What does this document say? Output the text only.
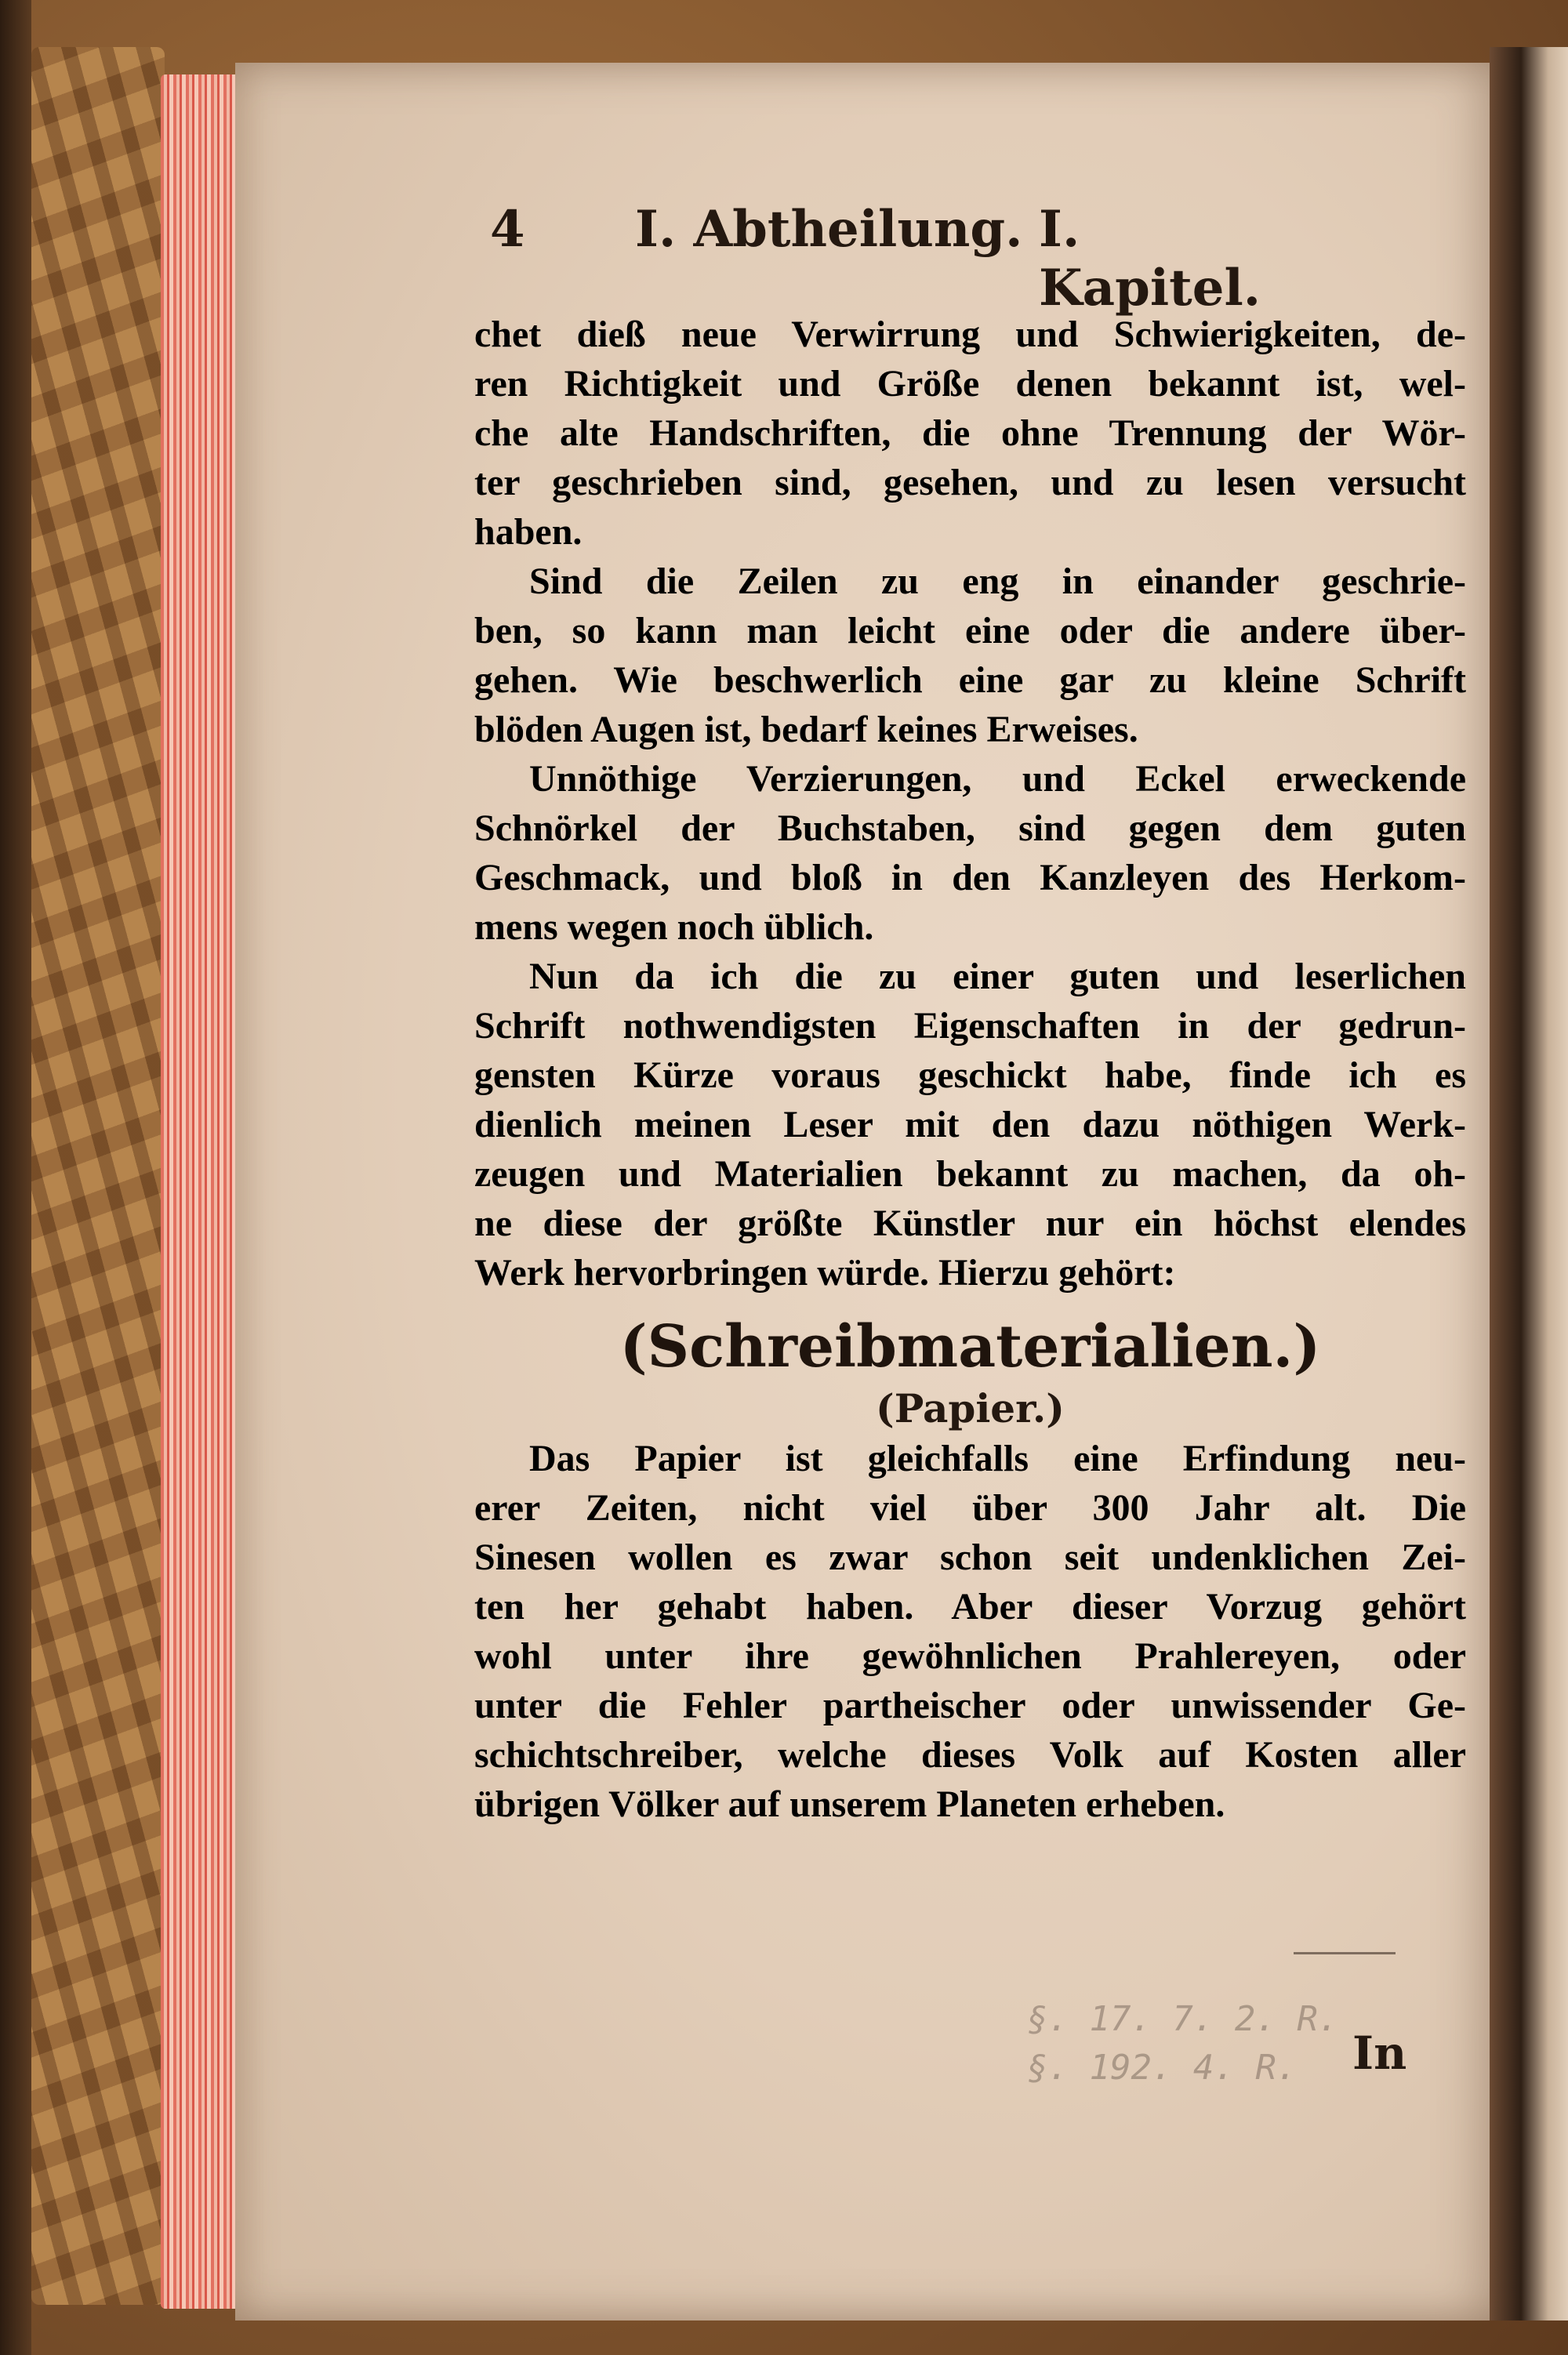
4 I. Abtheilung. I. Kapitel.

chet dieß neue Verwirrung und Schwierigkeiten, de-

ren Richtigkeit und Größe denen bekannt ist, wel-

che alte Handschriften, die ohne Trennung der Wör-

ter geschrieben sind, gesehen, und zu lesen versucht

haben.

Sind die Zeilen zu eng in einander geschrie-

ben, so kann man leicht eine oder die andere über-

gehen. Wie beschwerlich eine gar zu kleine Schrift

blöden Augen ist, bedarf keines Erweises.

Unnöthige Verzierungen, und Eckel erweckende

Schnörkel der Buchstaben, sind gegen dem guten

Geschmack, und bloß in den Kanzleyen des Herkom-

mens wegen noch üblich.

Nun da ich die zu einer guten und leserlichen

Schrift nothwendigsten Eigenschaften in der gedrun-

gensten Kürze voraus geschickt habe, finde ich es

dienlich meinen Leser mit den dazu nöthigen Werk-

zeugen und Materialien bekannt zu machen, da oh-

ne diese der größte Künstler nur ein höchst elendes

Werk hervorbringen würde. Hierzu gehört:

(Schreibmaterialien.)
(Papier.)

Das Papier ist gleichfalls eine Erfindung neu-

erer Zeiten, nicht viel über 300 Jahr alt. Die

Sinesen wollen es zwar schon seit undenklichen Zei-

ten her gehabt haben. Aber dieser Vorzug gehört

wohl unter ihre gewöhnlichen Prahlereyen, oder

unter die Fehler partheischer oder unwissender Ge-

schichtschreiber, welche dieses Volk auf Kosten aller

übrigen Völker auf unserem Planeten erheben.

§. 17. 7. 2. R.
§. 192. 4. R.	In
